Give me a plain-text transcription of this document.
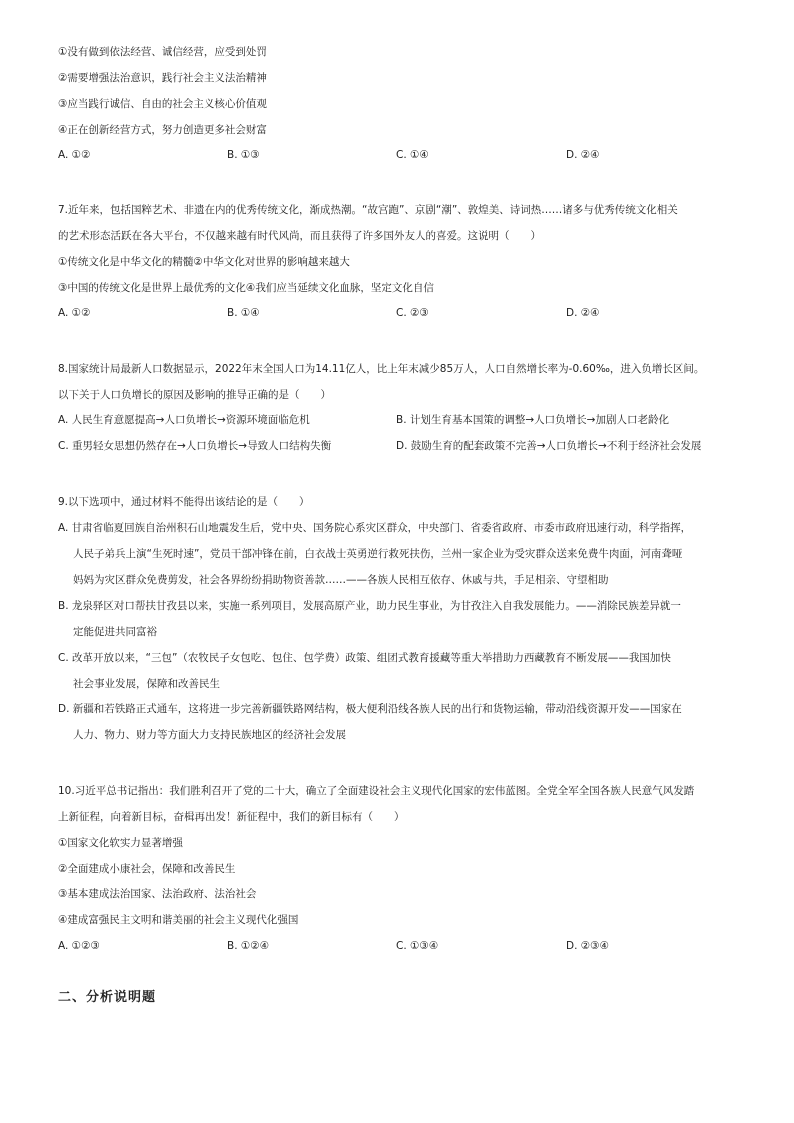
①没有做到依法经营、诚信经营，应受到处罚
②需要增强法治意识，践行社会主义法治精神
③应当践行诚信、自由的社会主义核心价值观
④正在创新经营方式，努力创造更多社会财富
A. ①②	B. ①③	C. ①④	D. ②④
7.近年来，包括国粹艺术、非遗在内的优秀传统文化，渐成热潮。“故宫跑”、京剧“潮”、敦煌美、诗词热……诸多与优秀传统文化相关
的艺术形态活跃在各大平台，不仅越来越有时代风尚，而且获得了许多国外友人的喜爱。这说明（　　）
①传统文化是中华文化的精髓②中华文化对世界的影响越来越大
③中国的传统文化是世界上最优秀的文化④我们应当延续文化血脉，坚定文化自信
A. ①②	B. ①④	C. ②③	D. ②④
8.国家统计局最新人口数据显示，2022年末全国人口为14.11亿人，比上年末减少85万人，人口自然增长率为-0.60‰，进入负增长区间。
以下关于人口负增长的原因及影响的推导正确的是（　　）
A. 人民生育意愿提高→人口负增长→资源环境面临危机	B. 计划生育基本国策的调整→人口负增长→加剧人口老龄化
C. 重男轻女思想仍然存在→人口负增长→导致人口结构失衡	D. 鼓励生育的配套政策不完善→人口负增长→不利于经济社会发展
9.以下选项中，通过材料不能得出该结论的是（　　）
A. 甘肃省临夏回族自治州积石山地震发生后，党中央、国务院心系灾区群众，中央部门、省委省政府、市委市政府迅速行动，科学指挥，
人民子弟兵上演“生死时速”，党员干部冲锋在前，白衣战士英勇逆行救死扶伤，兰州一家企业为受灾群众送来免费牛肉面，河南聋哑
妈妈为灾区群众免费剪发，社会各界纷纷捐助物资善款……——各族人民相互依存、休戚与共，手足相亲、守望相助
B. 龙泉驿区对口帮扶甘孜县以来，实施一系列项目，发展高原产业，助力民生事业，为甘孜注入自我发展能力。——消除民族差异就一
定能促进共同富裕
C. 改革开放以来，“三包”（农牧民子女包吃、包住、包学费）政策、组团式教育援藏等重大举措助力西藏教育不断发展——我国加快
社会事业发展，保障和改善民生
D. 新疆和若铁路正式通车，这将进一步完善新疆铁路网结构，极大便利沿线各族人民的出行和货物运输，带动沿线资源开发——国家在
人力、物力、财力等方面大力支持民族地区的经济社会发展
10.习近平总书记指出：我们胜利召开了党的二十大，确立了全面建设社会主义现代化国家的宏伟蓝图。全党全军全国各族人民意气风发踏
上新征程，向着新目标，奋楫再出发！新征程中，我们的新目标有（　　）
①国家文化软实力显著增强
②全面建成小康社会，保障和改善民生
③基本建成法治国家、法治政府、法治社会
④建成富强民主文明和谐美丽的社会主义现代化强国
A. ①②③	B. ①②④	C. ①③④	D. ②③④
二、分析说明题
